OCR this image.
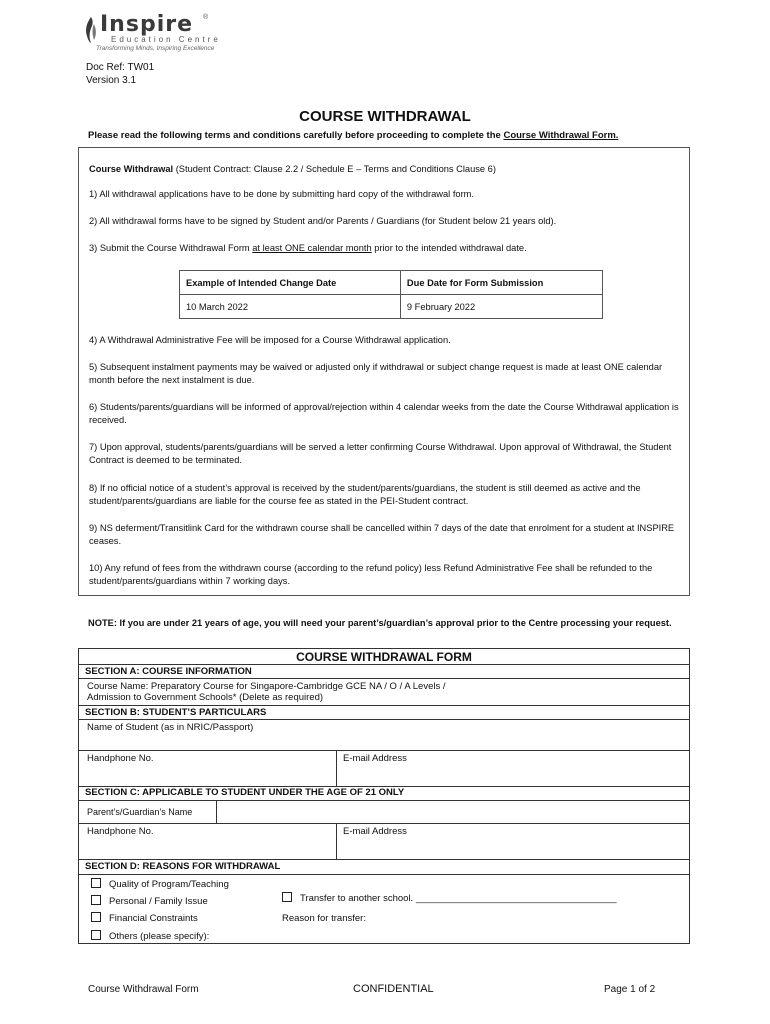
Inspire ®
Education Centre
Transforming Minds, Inspiring Excellence
Doc Ref: TW01
Version 3.1
COURSE WITHDRAWAL
Please read the following terms and conditions carefully before proceeding to complete the Course Withdrawal Form.
Course Withdrawal (Student Contract: Clause 2.2 / Schedule E – Terms and Conditions Clause 6)
1) All withdrawal applications have to be done by submitting hard copy of the withdrawal form.
2) All withdrawal forms have to be signed by Student and/or Parents / Guardians (for Student below 21 years old).
3) Submit the Course Withdrawal Form at least ONE calendar month prior to the intended withdrawal date.
Example of Intended Change Date	Due Date for Form Submission
10 March 2022	9 February 2022
4) A Withdrawal Administrative Fee will be imposed for a Course Withdrawal application.
5) Subsequent instalment payments may be waived or adjusted only if withdrawal or subject change request is made at least ONE calendar month before the next instalment is due.
6) Students/parents/guardians will be informed of approval/rejection within 4 calendar weeks from the date the Course Withdrawal application is received.
7) Upon approval, students/parents/guardians will be served a letter confirming Course Withdrawal. Upon approval of Withdrawal, the Student Contract is deemed to be terminated.
8) If no official notice of a student’s approval is received by the student/parents/guardians, the student is still deemed as active and the student/parents/guardians are liable for the course fee as stated in the PEI-Student contract.
9) NS deferment/Transitlink Card for the withdrawn course shall be cancelled within 7 days of the date that enrolment for a student at INSPIRE ceases.
10) Any refund of fees from the withdrawn course (according to the refund policy) less Refund Administrative Fee shall be refunded to the student/parents/guardians within 7 working days.
NOTE: If you are under 21 years of age, you will need your parent’s/guardian’s approval prior to the Centre processing your request.
COURSE WITHDRAWAL FORM
SECTION A: COURSE INFORMATION
Course Name: Preparatory Course for Singapore-Cambridge GCE NA / O / A Levels /
Admission to Government Schools* (Delete as required)
SECTION B: STUDENT’S PARTICULARS
Name of Student (as in NRIC/Passport)
Handphone No.	E-mail Address
SECTION C: APPLICABLE TO STUDENT UNDER THE AGE OF 21 ONLY
Parent’s/Guardian’s Name
Handphone No.	E-mail Address
SECTION D: REASONS FOR WITHDRAWAL
Quality of Program/Teaching
Personal / Family Issue
Financial Constraints
Others (please specify):
Transfer to another school. ______________________________________
Reason for transfer:
Course Withdrawal Form	CONFIDENTIAL	Page 1 of 2
